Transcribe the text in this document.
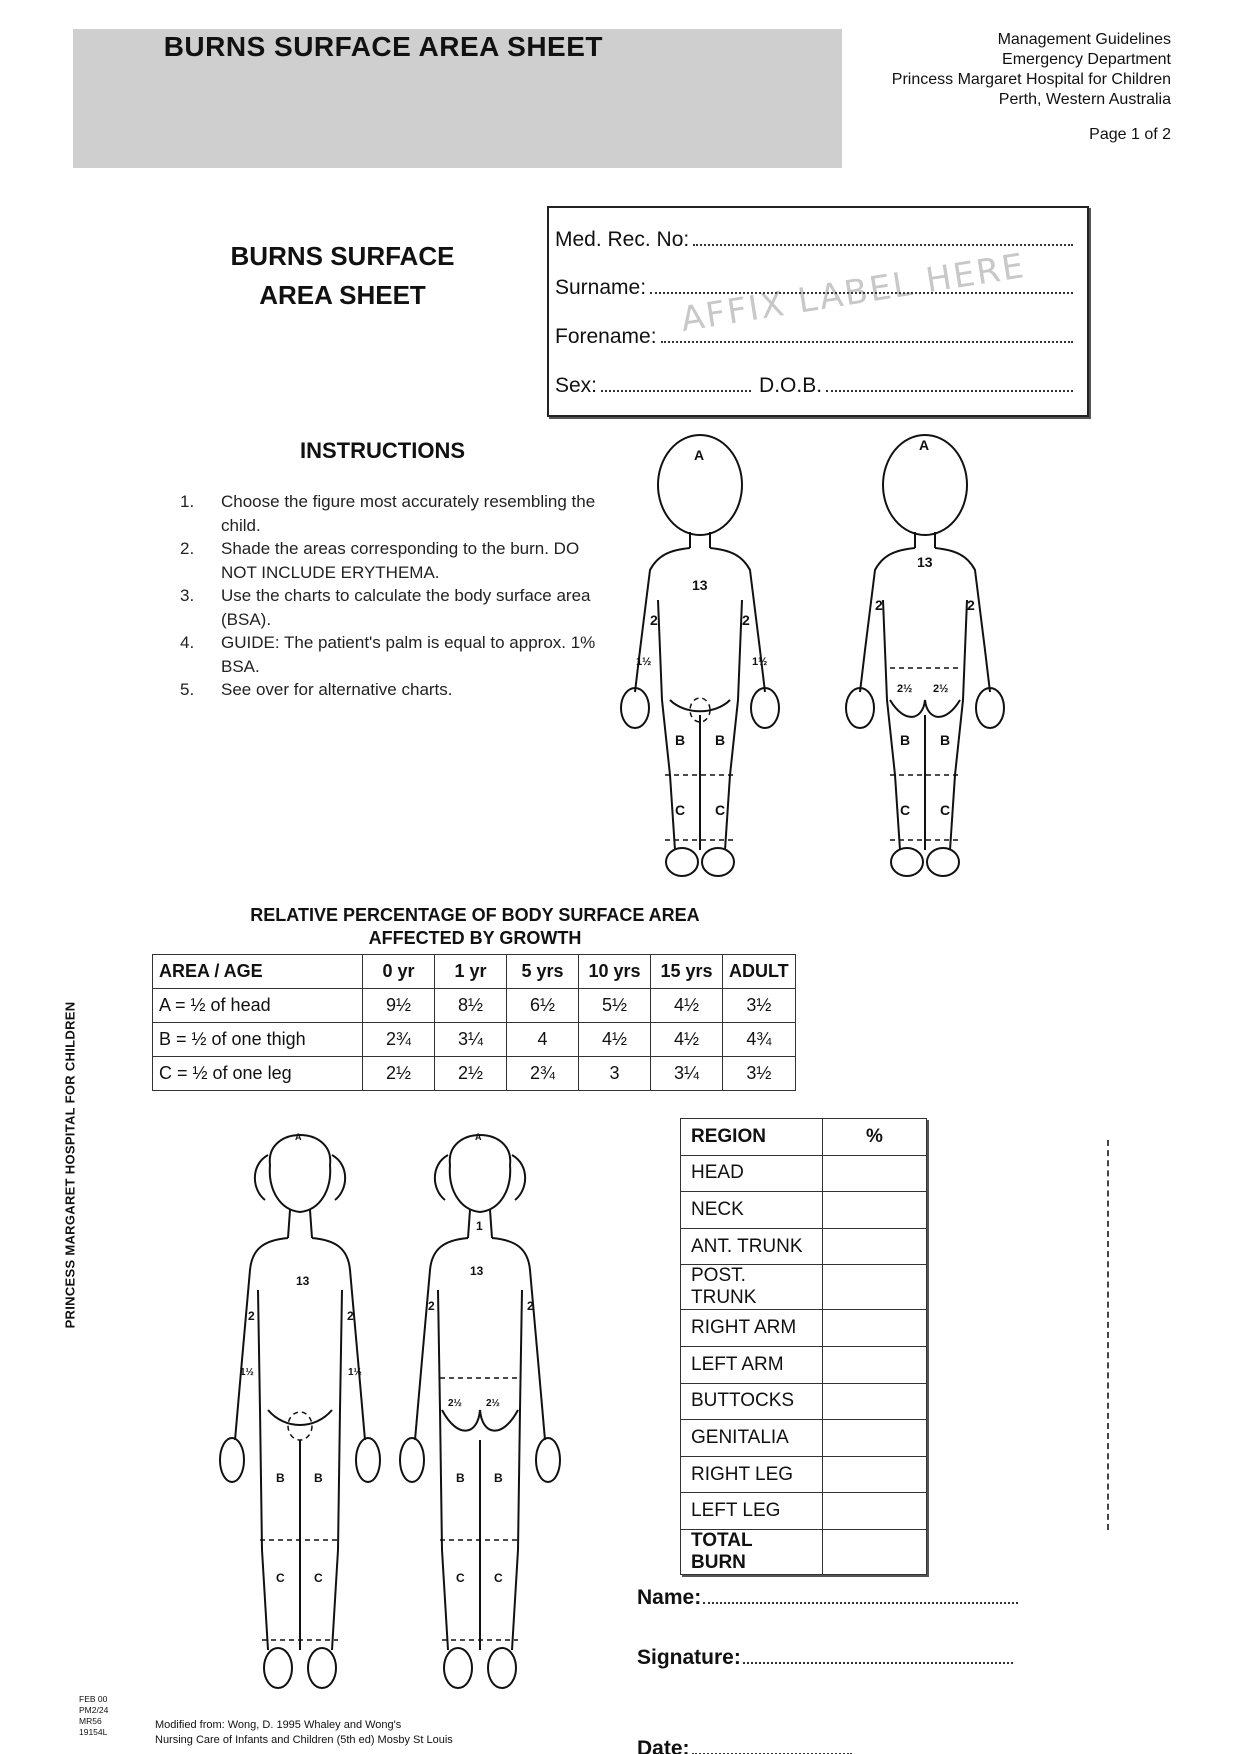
BURNS SURFACE AREA SHEET	Management Guidelines
Emergency Department
Princess Margaret Hospital for Children
Perth, Western Australia
Page 1 of 2
BURNS SURFACE
AREA SHEET	AFFIX LABEL HERE
Med. Rec. No:
Surname:
Forename:
Sex:	D.O.B.
INSTRUCTIONS
1.	Choose the figure most accurately resembling the child.
2.	Shade the areas corresponding to the burn. DO NOT INCLUDE ERYTHEMA.
3.	Use the charts to calculate the body surface area (BSA).
4.	GUIDE: The patient's palm is equal to approx. 1% BSA.
5.	See over for alternative charts.
A
13
2	2
1½	1½
B B
C C
A
13
2	2
2½ 2½
B B
C C
RELATIVE PERCENTAGE OF BODY SURFACE AREA
AFFECTED BY GROWTH
AREA / AGE	0 yr	1 yr	5 yrs	10 yrs	15 yrs	ADULT
A = ½ of head	9½	8½	6½	5½	4½	3½
B = ½ of one thigh	2¾	3¼	4	4½	4½	4¾
C = ½ of one leg	2½	2½	2¾	3	3¼	3½
A
13
2	2
1½	1½
B B
C C
A
1
13
2	2
2½ 2½
B B
C C
REGION	%
HEAD	
NECK	
ANT. TRUNK	
POST. TRUNK	
RIGHT ARM	
LEFT ARM	
BUTTOCKS	
GENITALIA	
RIGHT LEG	
LEFT LEG	
TOTAL BURN	
Name:
Signature:
Date:
PRINCESS MARGARET HOSPITAL FOR CHILDREN
FEB 00
PM2/24
MR56
19154L
Modified from: Wong, D. 1995 Whaley and Wong's
Nursing Care of Infants and Children (5th ed) Mosby St Louis
